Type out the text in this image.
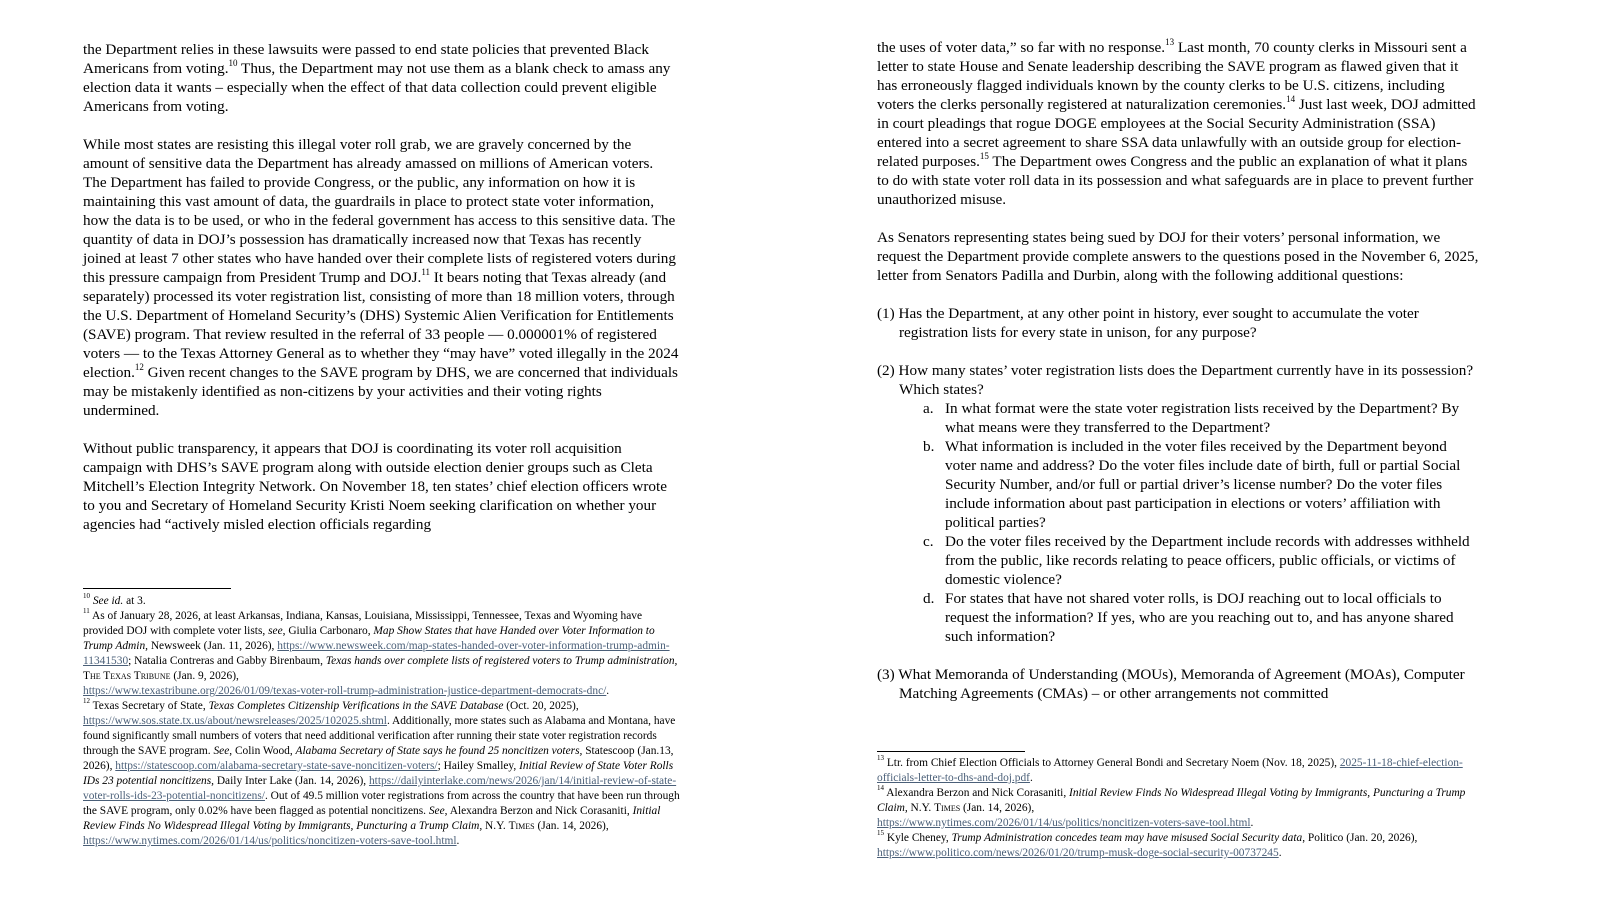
the Department relies in these lawsuits were passed to end state policies that prevented Black Americans from voting.$^{10}$ Thus, the Department may not use them as a blank check to amass any election data it wants – especially when the effect of that data collection could prevent eligible Americans from voting.

While most states are resisting this illegal voter roll grab, we are gravely concerned by the amount of sensitive data the Department has already amassed on millions of American voters. The Department has failed to provide Congress, or the public, any information on how it is maintaining this vast amount of data, the guardrails in place to protect state voter information, how the data is to be used, or who in the federal government has access to this sensitive data. The quantity of data in DOJ’s possession has dramatically increased now that Texas has recently joined at least 7 other states who have handed over their complete lists of registered voters during this pressure campaign from President Trump and DOJ.$^{11}$ It bears noting that Texas already (and separately) processed its voter registration list, consisting of more than 18 million voters, through the U.S. Department of Homeland Security’s (DHS) Systemic Alien Verification for Entitlements (SAVE) program. That review resulted in the referral of 33 people — 0.000001% of registered voters — to the Texas Attorney General as to whether they “may have” voted illegally in the 2024 election.$^{12}$ Given recent changes to the SAVE program by DHS, we are concerned that individuals may be mistakenly identified as non-citizens by your activities and their voting rights undermined.

Without public transparency, it appears that DOJ is coordinating its voter roll acquisition campaign with DHS’s SAVE program along with outside election denier groups such as Cleta Mitchell’s Election Integrity Network. On November 18, ten states’ chief election officers wrote to you and Secretary of Homeland Security Kristi Noem seeking clarification on whether your agencies had “actively misled election officials regarding

$^{10}$ See id. at 3.

$^{11}$ As of January 28, 2026, at least Arkansas, Indiana, Kansas, Louisiana, Mississippi, Tennessee, Texas and Wyoming have provided DOJ with complete voter lists, see, Giulia Carbonaro, Map Show States that have Handed over Voter Information to Trump Admin, Newsweek (Jan. 11, 2026), https://www.newsweek.com/map-states-handed-over-voter-information-trump-admin-11341530; Natalia Contreras and Gabby Birenbaum, Texas hands over complete lists of registered voters to Trump administration, The Texas Tribune (Jan. 9, 2026),
https://www.texastribune.org/2026/01/09/texas-voter-roll-trump-administration-justice-department-democrats-dnc/.

$^{12}$ Texas Secretary of State, Texas Completes Citizenship Verifications in the SAVE Database (Oct. 20, 2025),
https://www.sos.state.tx.us/about/newsreleases/2025/102025.shtml. Additionally, more states such as Alabama and Montana, have found significantly small numbers of voters that need additional verification after running their state voter registration records through the SAVE program. See, Colin Wood, Alabama Secretary of State says he found 25 noncitizen voters, Statescoop (Jan.13, 2026), https://statescoop.com/alabama-secretary-state-save-noncitizen-voters/; Hailey Smalley, Initial Review of State Voter Rolls IDs 23 potential noncitizens, Daily Inter Lake (Jan. 14, 2026), https://dailyinterlake.com/news/2026/jan/14/initial-review-of-state-voter-rolls-ids-23-potential-noncitizens/. Out of 49.5 million voter registrations from across the country that have been run through the SAVE program, only 0.02% have been flagged as potential noncitizens. See, Alexandra Berzon and Nick Corasaniti, Initial Review Finds No Widespread Illegal Voting by Immigrants, Puncturing a Trump Claim, N.Y. Times (Jan. 14, 2026),
https://www.nytimes.com/2026/01/14/us/politics/noncitizen-voters-save-tool.html.

the uses of voter data,” so far with no response.$^{13}$ Last month, 70 county clerks in Missouri sent a letter to state House and Senate leadership describing the SAVE program as flawed given that it has erroneously flagged individuals known by the county clerks to be U.S. citizens, including voters the clerks personally registered at naturalization ceremonies.$^{14}$ Just last week, DOJ admitted in court pleadings that rogue DOGE employees at the Social Security Administration (SSA) entered into a secret agreement to share SSA data unlawfully with an outside group for election-related purposes.$^{15}$ The Department owes Congress and the public an explanation of what it plans to do with state voter roll data in its possession and what safeguards are in place to prevent further unauthorized misuse.

As Senators representing states being sued by DOJ for their voters’ personal information, we request the Department provide complete answers to the questions posed in the November 6, 2025, letter from Senators Padilla and Durbin, along with the following additional questions:

(1) Has the Department, at any other point in history, ever sought to accumulate the voter registration lists for every state in unison, for any purpose?

(2) How many states’ voter registration lists does the Department currently have in its possession? Which states?

a. In what format were the state voter registration lists received by the Department? By what means were they transferred to the Department?
b. What information is included in the voter files received by the Department beyond voter name and address? Do the voter files include date of birth, full or partial Social Security Number, and/or full or partial driver’s license number? Do the voter files include information about past participation in elections or voters’ affiliation with political parties?
c. Do the voter files received by the Department include records with addresses withheld from the public, like records relating to peace officers, public officials, or victims of domestic violence?
d. For states that have not shared voter rolls, is DOJ reaching out to local officials to request the information? If yes, who are you reaching out to, and has anyone shared such information?

(3) What Memoranda of Understanding (MOUs), Memoranda of Agreement (MOAs), Computer Matching Agreements (CMAs) – or other arrangements not committed

$^{13}$ Ltr. from Chief Election Officials to Attorney General Bondi and Secretary Noem (Nov. 18, 2025), 2025-11-18-chief-election-officials-letter-to-dhs-and-doj.pdf.

$^{14}$ Alexandra Berzon and Nick Corasaniti, Initial Review Finds No Widespread Illegal Voting by Immigrants, Puncturing a Trump Claim, N.Y. Times (Jan. 14, 2026),
https://www.nytimes.com/2026/01/14/us/politics/noncitizen-voters-save-tool.html.

$^{15}$ Kyle Cheney, Trump Administration concedes team may have misused Social Security data, Politico (Jan. 20, 2026), https://www.politico.com/news/2026/01/20/trump-musk-doge-social-security-00737245.
